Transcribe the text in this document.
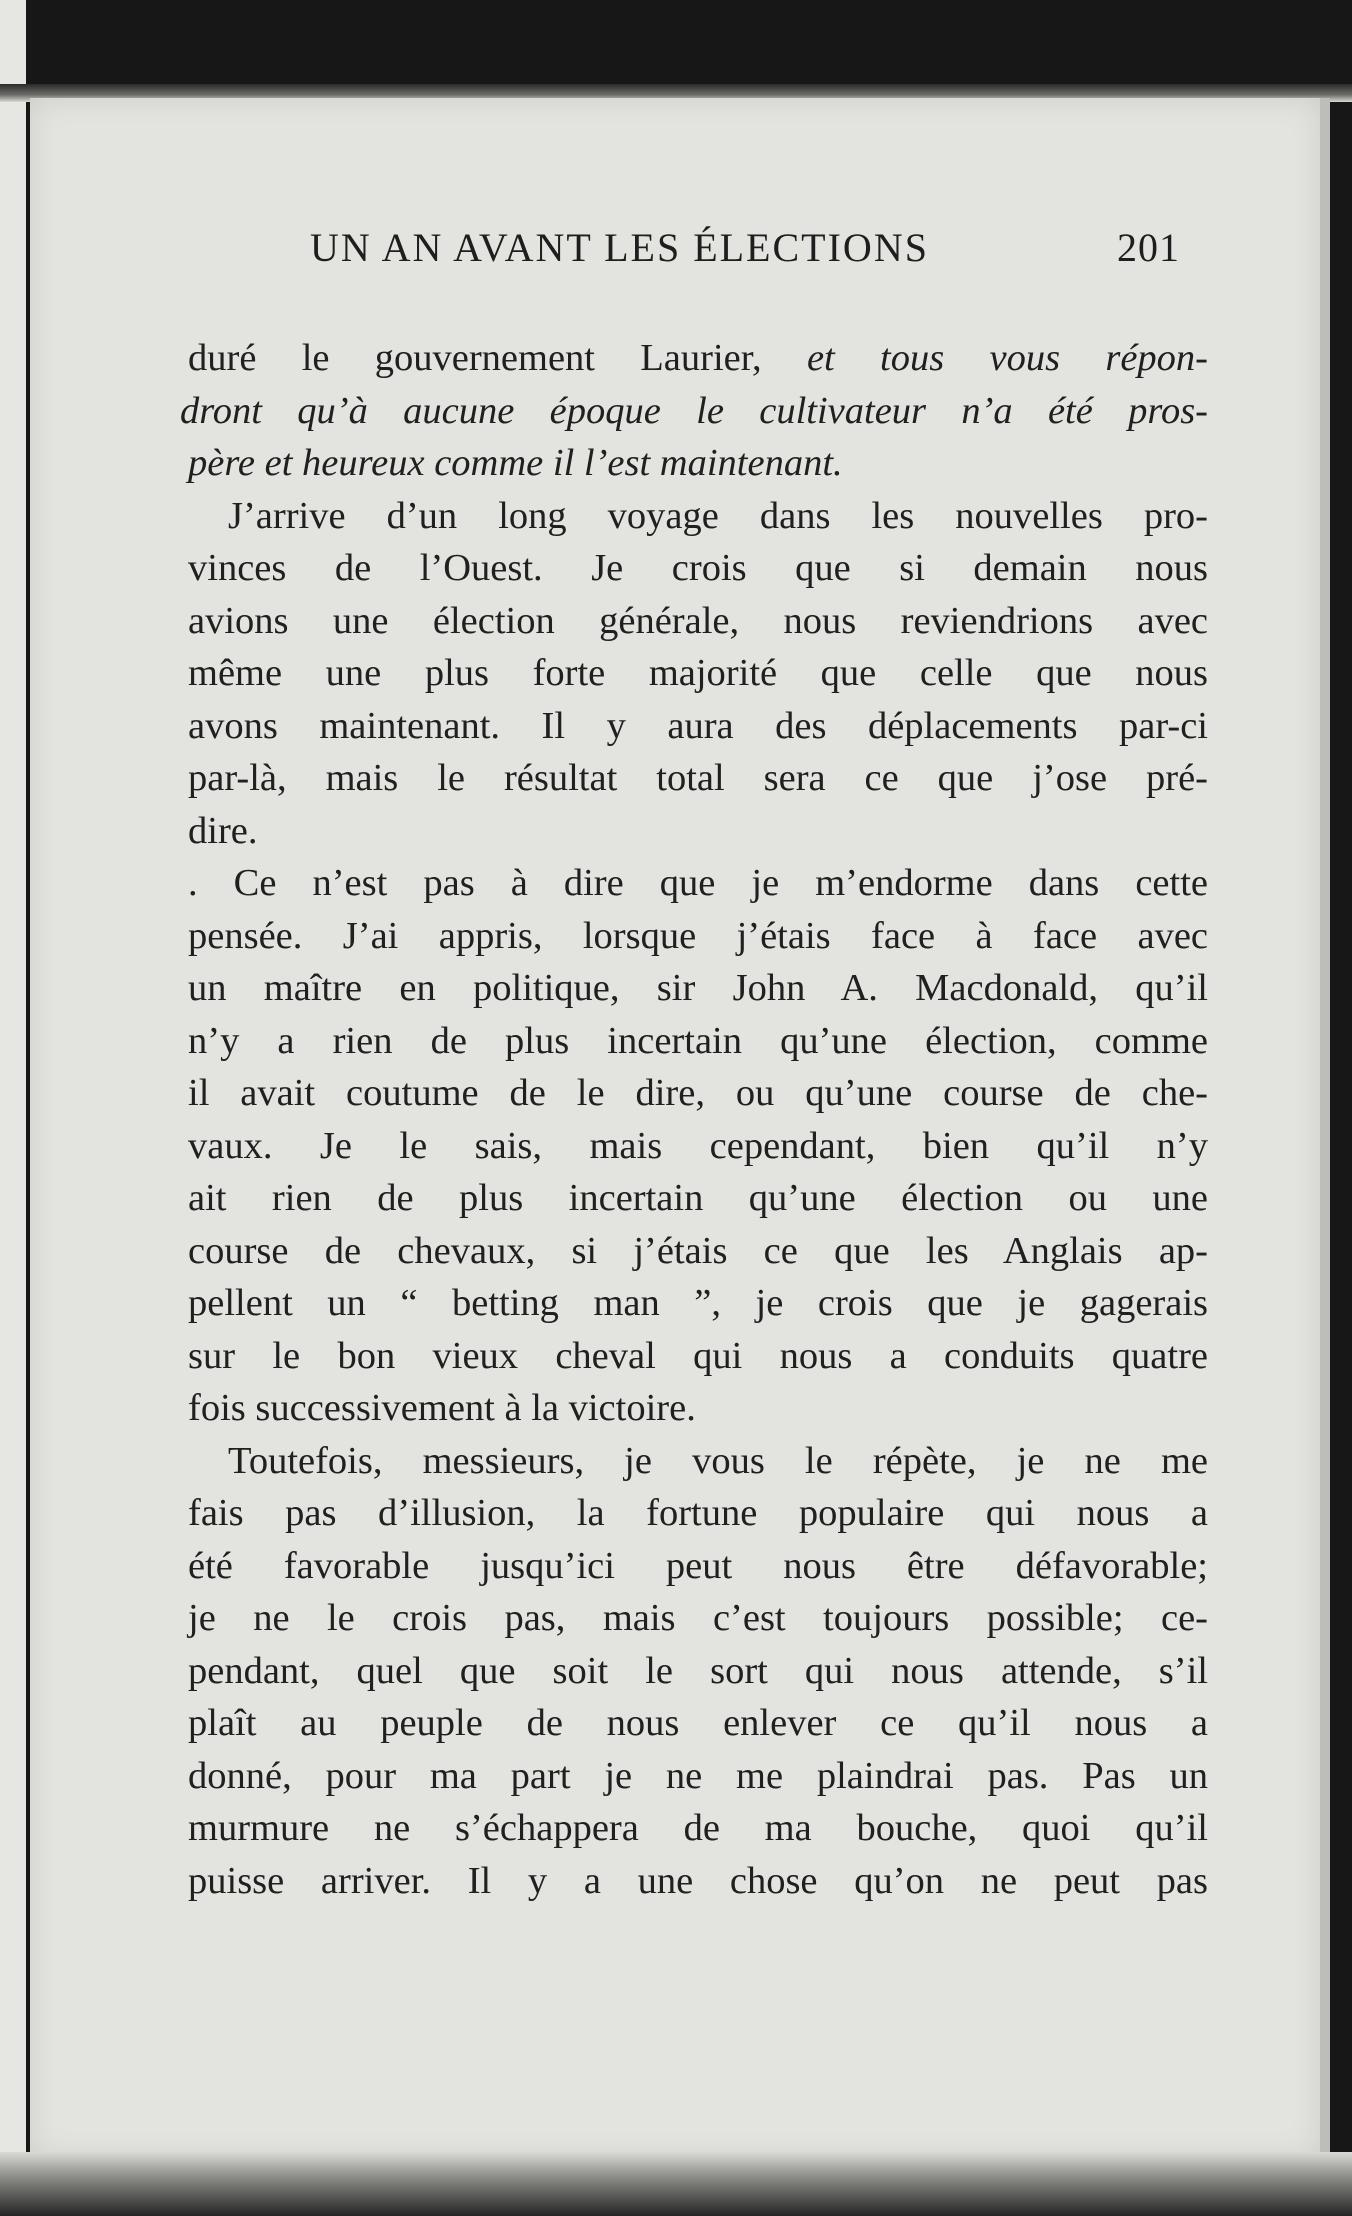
UN AN AVANT LES ÉLECTIONS	201
duré le gouvernement Laurier, et tous vous répon-
dront qu’à aucune époque le cultivateur n’a été pros-
père et heureux comme il l’est maintenant.
J’arrive d’un long voyage dans les nouvelles pro-
vinces de l’Ouest. Je crois que si demain nous
avions une élection générale, nous reviendrions avec
même une plus forte majorité que celle que nous
avons maintenant. Il y aura des déplacements par-ci
par-là, mais le résultat total sera ce que j’ose pré-
dire.
. Ce n’est pas à dire que je m’endorme dans cette
pensée. J’ai appris, lorsque j’étais face à face avec
un maître en politique, sir John A. Macdonald, qu’il
n’y a rien de plus incertain qu’une élection, comme
il avait coutume de le dire, ou qu’une course de che-
vaux. Je le sais, mais cependant, bien qu’il n’y
ait rien de plus incertain qu’une élection ou une
course de chevaux, si j’étais ce que les Anglais ap-
pellent un “ betting man ”, je crois que je gagerais
sur le bon vieux cheval qui nous a conduits quatre
fois successivement à la victoire.
Toutefois, messieurs, je vous le répète, je ne me
fais pas d’illusion, la fortune populaire qui nous a
été favorable jusqu’ici peut nous être défavorable;
je ne le crois pas, mais c’est toujours possible; ce-
pendant, quel que soit le sort qui nous attende, s’il
plaît au peuple de nous enlever ce qu’il nous a
donné, pour ma part je ne me plaindrai pas. Pas un
murmure ne s’échappera de ma bouche, quoi qu’il
puisse arriver. Il y a une chose qu’on ne peut pas
